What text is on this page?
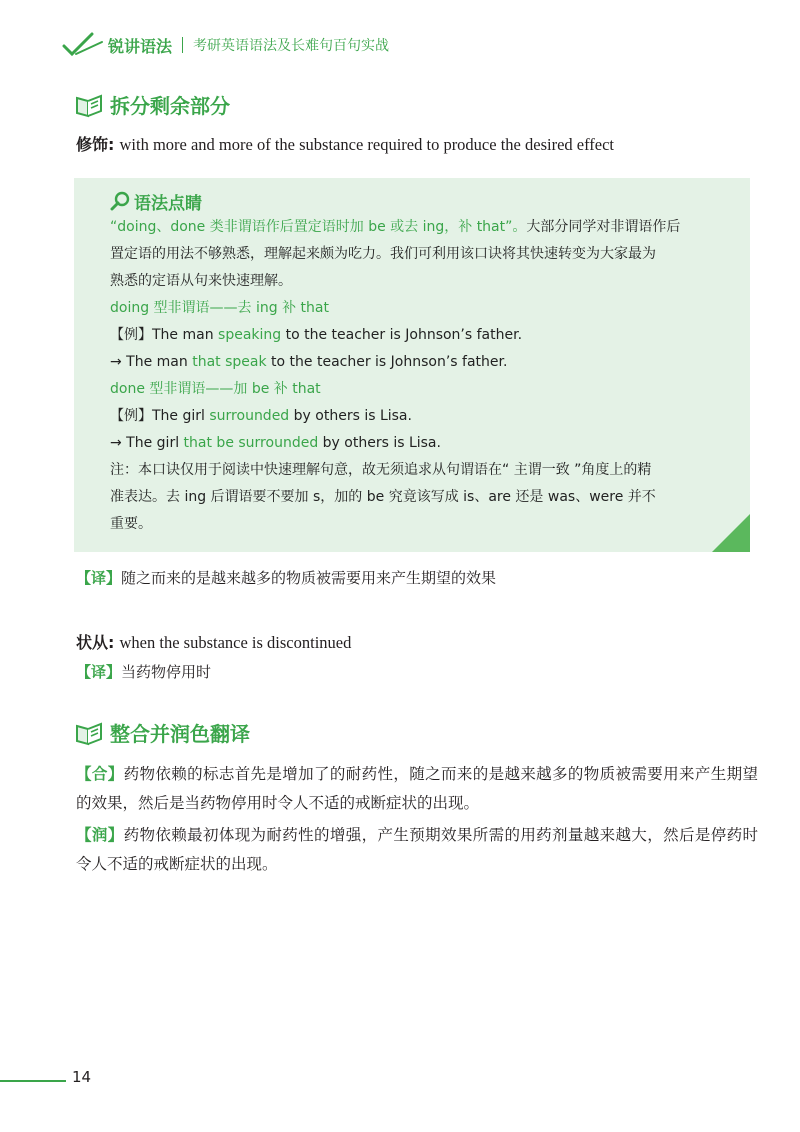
锐讲语法 考研英语语法及长难句百句实战
拆分剩余部分
修饰: with more and more of the substance required to produce the desired effect
语法点睛
“doing、done 类非谓语作后置定语时加 be 或去 ing，补 that”。大部分同学对非谓语作后
置定语的用法不够熟悉，理解起来颇为吃力。我们可利用该口诀将其快速转变为大家最为
熟悉的定语从句来快速理解。
doing 型非谓语——去 ing 补 that
【例】The man speaking to the teacher is Johnson’s father.
→ The man that speak to the teacher is Johnson’s father.
done 型非谓语——加 be 补 that
【例】The girl surrounded by others is Lisa.
→ The girl that be surrounded by others is Lisa.
注：本口诀仅用于阅读中快速理解句意，故无须追求从句谓语在“ 主谓一致 ”角度上的精
准表达。去 ing 后谓语要不要加 s，加的 be 究竟该写成 is、are 还是 was、were 并不
重要。
【译】随之而来的是越来越多的物质被需要用来产生期望的效果
状从: when the substance is discontinued
【译】当药物停用时
整合并润色翻译
【合】药物依赖的标志首先是增加了的耐药性，随之而来的是越来越多的物质被需要用来产生期望的效果，然后是当药物停用时令人不适的戒断症状的出现。
【润】药物依赖最初体现为耐药性的增强，产生预期效果所需的用药剂量越来越大，然后是停药时令人不适的戒断症状的出现。
14
